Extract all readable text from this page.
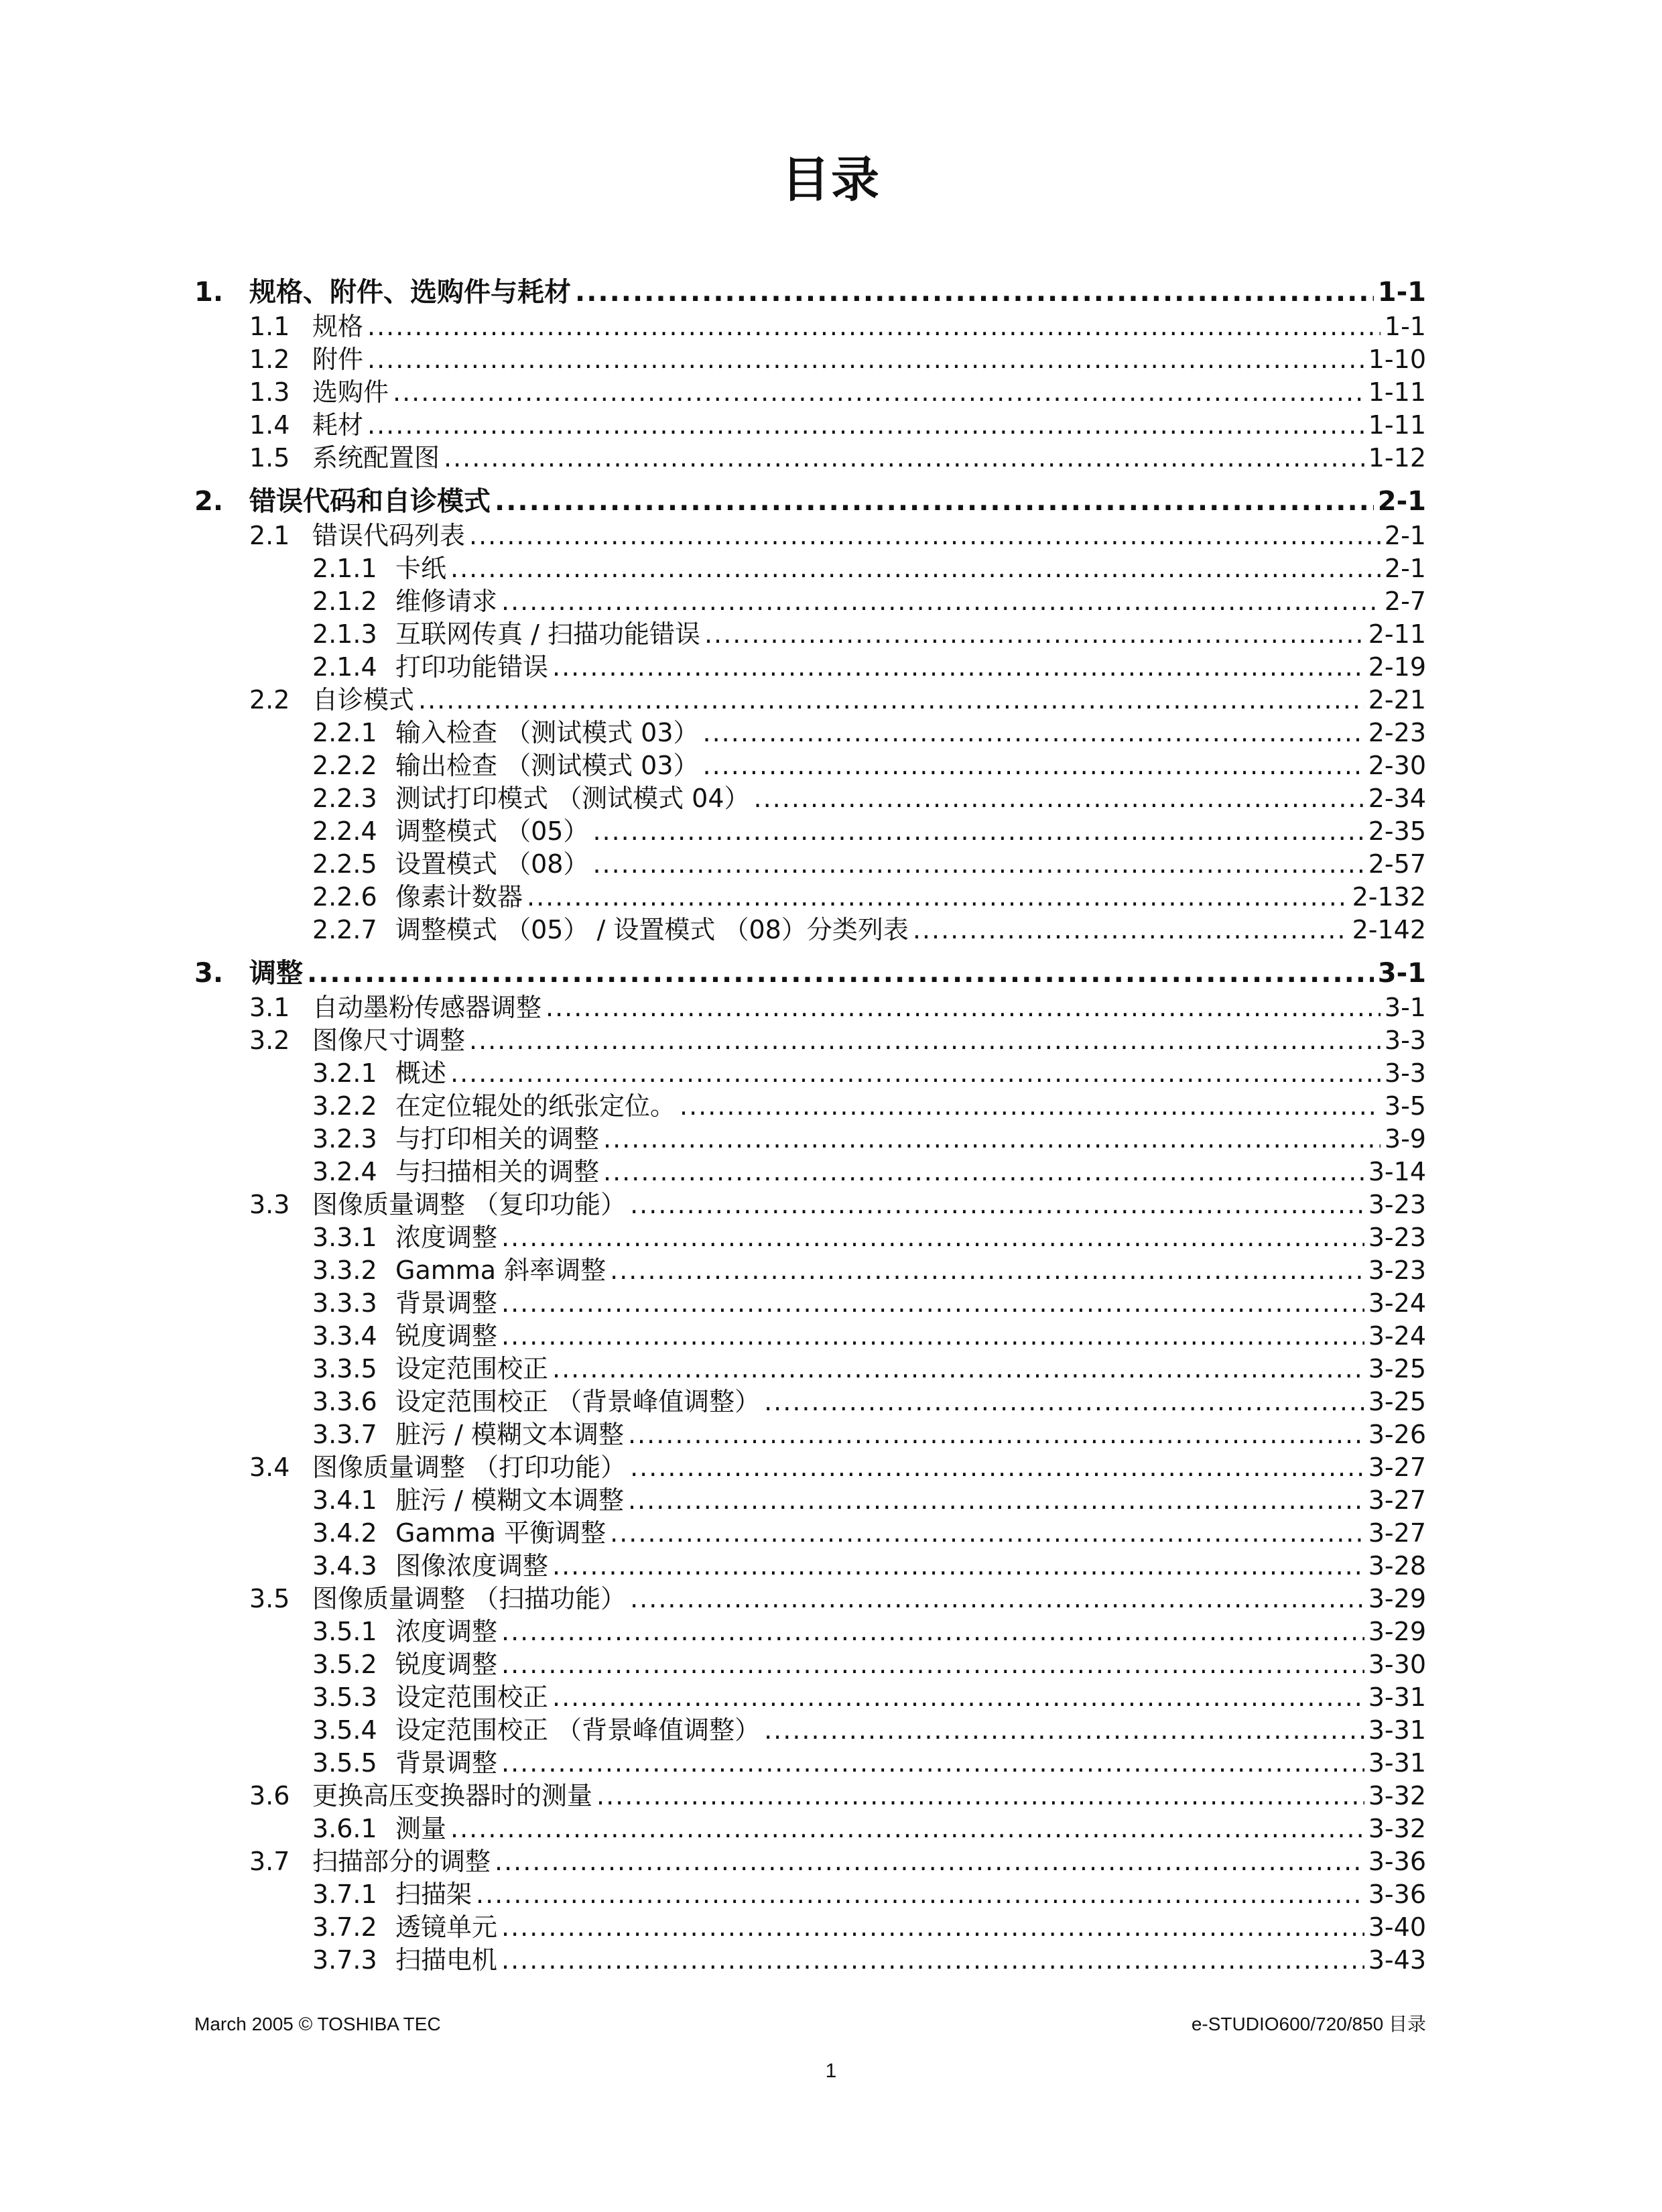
目录
1. 规格、附件、选购件与耗材 .....	1-1
1.1 规格 .....	1-1
1.2 附件 .....	1-10
1.3 选购件 .....	1-11
1.4 耗材 .....	1-11
1.5 系统配置图 .....	1-12
2. 错误代码和自诊模式 .....	2-1
2.1 错误代码列表 .....	2-1
2.1.1 卡纸 .....	2-1
2.1.2 维修请求 .....	2-7
2.1.3 互联网传真 / 扫描功能错误 .....	2-11
2.1.4 打印功能错误 .....	2-19
2.2 自诊模式 .....	2-21
2.2.1 输入检查 （测试模式 03） .....	2-23
2.2.2 输出检查 （测试模式 03） .....	2-30
2.2.3 测试打印模式 （测试模式 04） .....	2-34
2.2.4 调整模式 （05） .....	2-35
2.2.5 设置模式 （08） .....	2-57
2.2.6 像素计数器 .....	2-132
2.2.7 调整模式 （05） / 设置模式 （08）分类列表 .....	2-142
3. 调整 .....	3-1
3.1 自动墨粉传感器调整 .....	3-1
3.2 图像尺寸调整 .....	3-3
3.2.1 概述 .....	3-3
3.2.2 在定位辊处的纸张定位。 .....	3-5
3.2.3 与打印相关的调整 .....	3-9
3.2.4 与扫描相关的调整 .....	3-14
3.3 图像质量调整 （复印功能） .....	3-23
3.3.1 浓度调整 .....	3-23
3.3.2 Gamma 斜率调整 .....	3-23
3.3.3 背景调整 .....	3-24
3.3.4 锐度调整 .....	3-24
3.3.5 设定范围校正 .....	3-25
3.3.6 设定范围校正 （背景峰值调整） .....	3-25
3.3.7 脏污 / 模糊文本调整 .....	3-26
3.4 图像质量调整 （打印功能） .....	3-27
3.4.1 脏污 / 模糊文本调整 .....	3-27
3.4.2 Gamma 平衡调整 .....	3-27
3.4.3 图像浓度调整 .....	3-28
3.5 图像质量调整 （扫描功能） .....	3-29
3.5.1 浓度调整 .....	3-29
3.5.2 锐度调整 .....	3-30
3.5.3 设定范围校正 .....	3-31
3.5.4 设定范围校正 （背景峰值调整） .....	3-31
3.5.5 背景调整 .....	3-31
3.6 更换高压变换器时的测量 .....	3-32
3.6.1 测量 .....	3-32
3.7 扫描部分的调整 .....	3-36
3.7.1 扫描架 .....	3-36
3.7.2 透镜单元 .....	3-40
3.7.3 扫描电机 .....	3-43
March 2005 © TOSHIBA TEC	e-STUDIO600/720/850 目录
1
